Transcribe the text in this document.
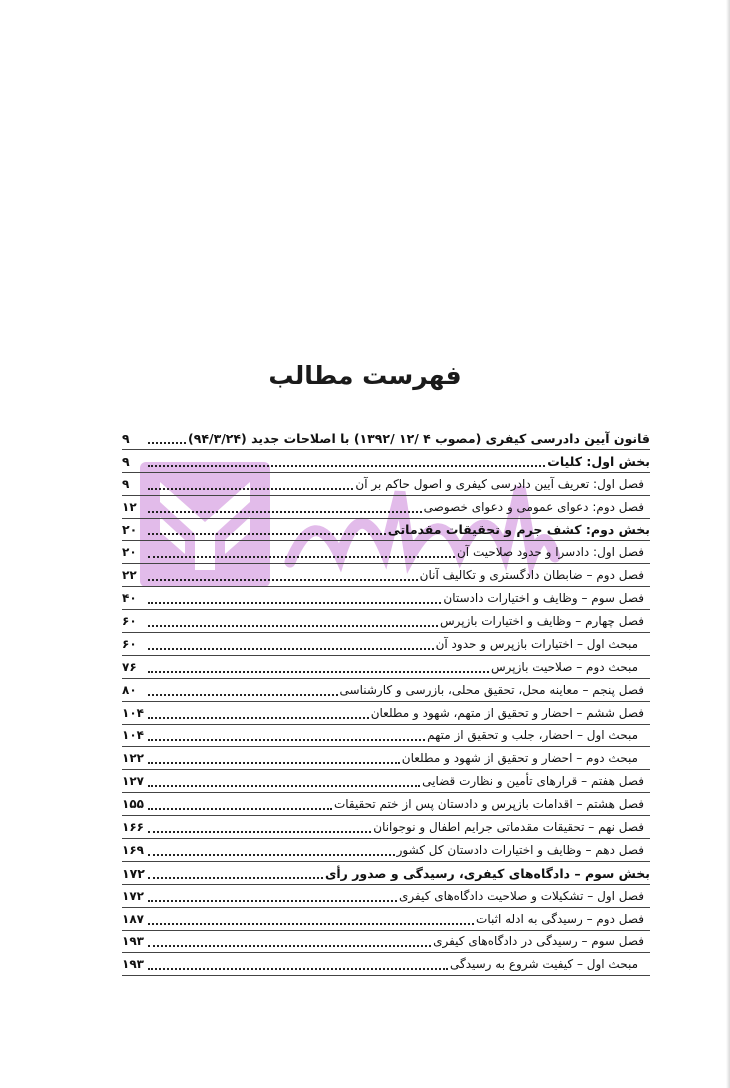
فهرست مطالب
قانون آیین دادرسی کیفری (مصوب ۴ /۱۲ /۱۳۹۲) با اصلاحات جدید (۹۴/۳/۲۴)
۹
بخش اول: کلیات
۹
فصل اول: تعریف آیین دادرسی کیفری و اصول حاکم بر آن
۹
فصل دوم: دعوای عمومی و دعوای خصوصی
۱۲
بخش دوم: کشف جرم و تحقیقات مقدماتی
۲۰
فصل اول: دادسرا و حدود صلاحیت آن
۲۰
فصل دوم – ضابطان دادگستری و تکالیف آنان
۲۲
فصل سوم – وظایف و اختیارات دادستان
۴۰
فصل چهارم – وظایف و اختیارات بازپرس
۶۰
مبحث اول – اختیارات بازپرس و حدود آن
۶۰
مبحث دوم – صلاحیت بازپرس
۷۶
فصل پنجم – معاینه محل، تحقیق محلی، بازرسی و کارشناسی
۸۰
فصل ششم – احضار و تحقیق از متهم، شهود و مطلعان
۱۰۴
مبحث اول – احضار، جلب و تحقیق از متهم
۱۰۴
مبحث دوم – احضار و تحقیق از شهود و مطلعان
۱۲۲
فصل هفتم – قرارهای تأمین و نظارت قضایی
۱۲۷
فصل هشتم – اقدامات بازپرس و دادستان پس از ختم تحقیقات
۱۵۵
فصل نهم – تحقیقات مقدماتی جرایم اطفال و نوجوانان
۱۶۶
فصل دهم – وظایف و اختیارات دادستان کل کشور
۱۶۹
بخش سوم – دادگاه‌های کیفری، رسیدگی و صدور رأی
۱۷۲
فصل اول – تشکیلات و صلاحیت دادگاه‌های کیفری
۱۷۲
فصل دوم – رسیدگی به ادله اثبات
۱۸۷
فصل سوم – رسیدگی در دادگاه‌های کیفری
۱۹۳
مبحث اول – کیفیت شروع به رسیدگی
۱۹۳
